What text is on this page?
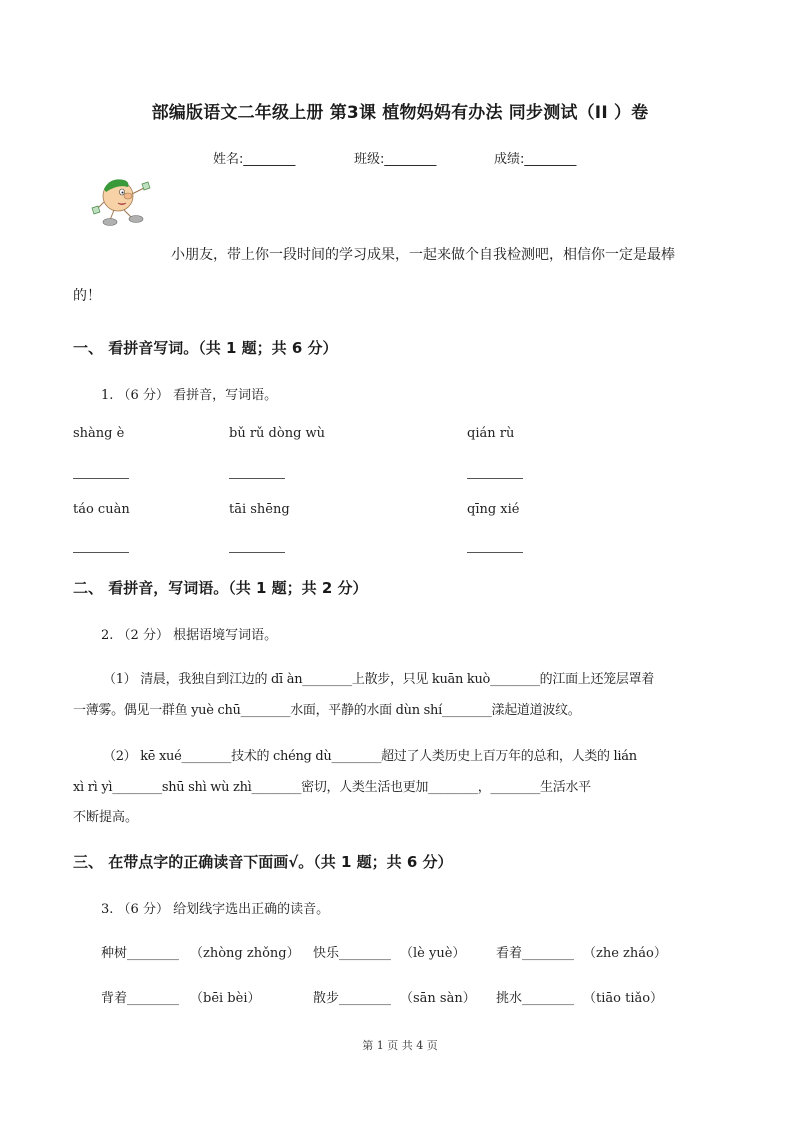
部编版语文二年级上册 第3课 植物妈妈有办法 同步测试（II ）卷
姓名:________	班级:________	成绩:________
小朋友，带上你一段时间的学习成果，一起来做个自我检测吧，相信你一定是最棒
的！
一、 看拼音写词。（共 1 题；共 6 分）
1. （6 分） 看拼音，写词语。
shàng è	bǔ rǔ dòng wù	qián rù
táo cuàn	tāi shēng	qīng xié
二、 看拼音，写词语。（共 1 题；共 2 分）
2. （2 分） 根据语境写词语。
（1） 清晨，我独自到江边的 dī àn________上散步，只见 kuān kuò________的江面上还笼层罩着
一薄雾。偶见一群鱼 yuè chū________水面，平静的水面 dùn shí________漾起道道波纹。
（2） kē xué________技术的 chéng dù________超过了人类历史上百万年的总和，人类的 lián
xì rì yì________shū shì wù zhì________密切，人类生活也更加________，________生活水平
不断提高。
三、 在带点字的正确读音下面画√。（共 1 题；共 6 分）
3. （6 分） 给划线字选出正确的读音。
种树________ （zhòng zhǒng） 快乐________ （lè yuè） 看着________ （zhe zháo）
背着________ （bēi bèi）	散步________ （sān sàn） 挑水________ （tiāo tiǎo）
第 1 页 共 4 页
